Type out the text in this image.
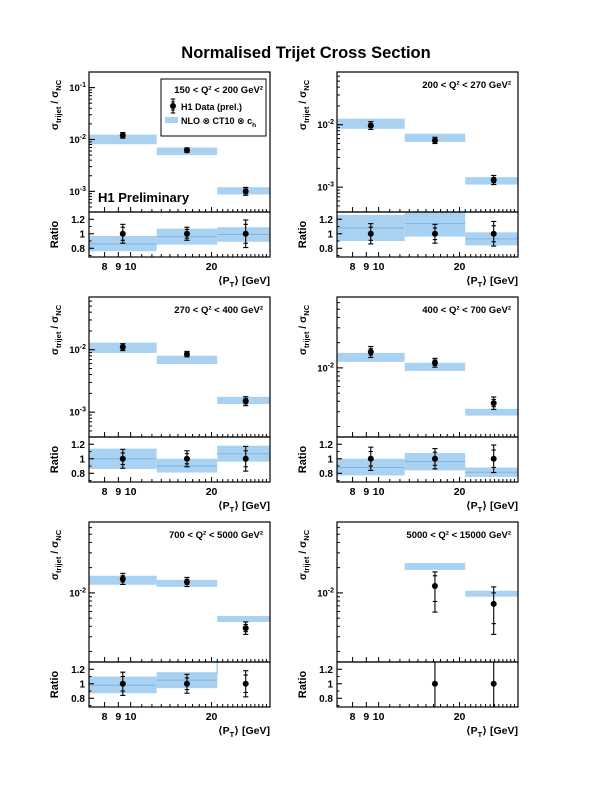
Normalised Trijet Cross Section
$10^{-1}$
$10^{-2}$
$10^{-3}$
0.8
1
1.2
8 9 10	20
$\sigma_{trijet} / \sigma_{NC}$
Ratio
$⟨P_T⟩$ [GeV]
H1 Data (prel.)
NLO ⊗ CT10 ⊗ $c_h$
150 < Q² < 200 GeV²
H1 Preliminary
$10^{-2}$
$10^{-3}$
0.8
1
1.2
8 9 10	20
$\sigma_{trijet} / \sigma_{NC}$
Ratio
$⟨P_T⟩$ [GeV]
200 < Q² < 270 GeV²
$10^{-2}$
$10^{-3}$
0.8
1
1.2
8 9 10	20
$\sigma_{trijet} / \sigma_{NC}$
Ratio
$⟨P_T⟩$ [GeV]
270 < Q² < 400 GeV²
$10^{-2}$
0.8
1
1.2
8 9 10	20
$\sigma_{trijet} / \sigma_{NC}$
Ratio
$⟨P_T⟩$ [GeV]
400 < Q² < 700 GeV²
$10^{-2}$
0.8
1
1.2
8 9 10	20
$\sigma_{trijet} / \sigma_{NC}$
Ratio
$⟨P_T⟩$ [GeV]
700 < Q² < 5000 GeV²
$10^{-2}$
0.8
1
1.2
8 9 10	20
$\sigma_{trijet} / \sigma_{NC}$
Ratio
$⟨P_T⟩$ [GeV]
5000 < Q² < 15000 GeV²
